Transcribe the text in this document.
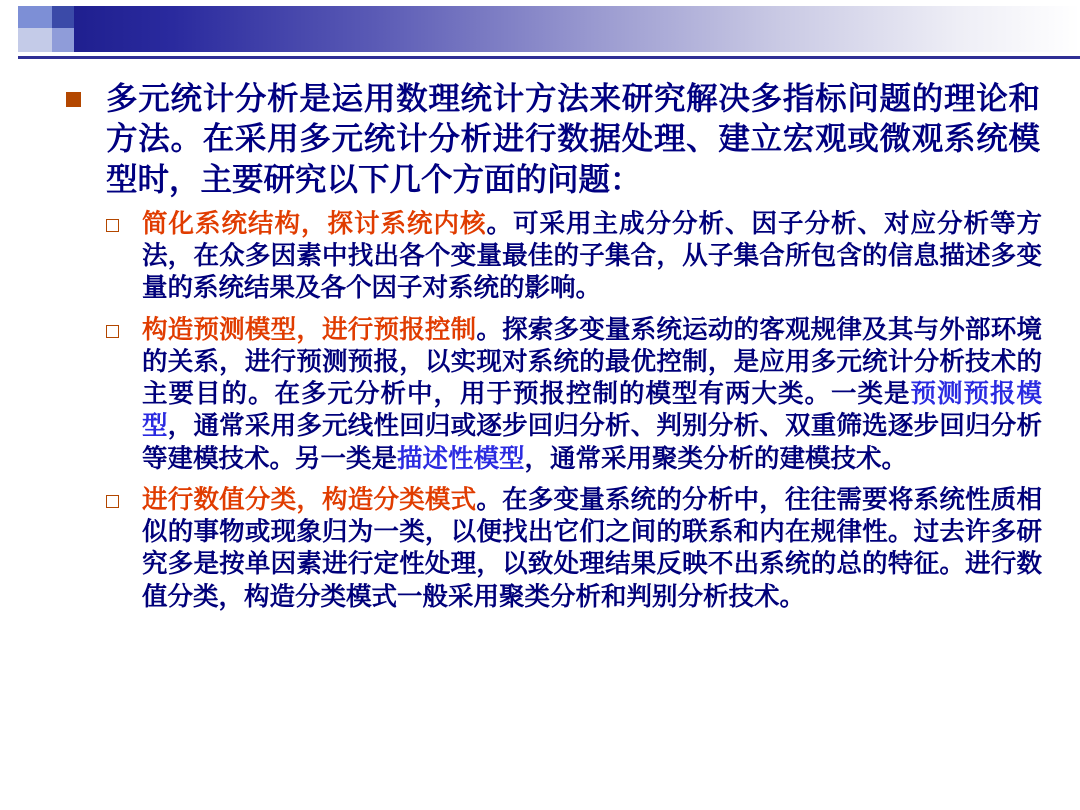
多元统计分析是运用数理统计方法来研究解决多指标问题的理论和方法。在采用多元统计分析进行数据处理、建立宏观或微观系统模型时，主要研究以下几个方面的问题：
简化系统结构，探讨系统内核。可采用主成分分析、因子分析、对应分析等方法，在众多因素中找出各个变量最佳的子集合，从子集合所包含的信息描述多变量的系统结果及各个因子对系统的影响。
构造预测模型，进行预报控制。探索多变量系统运动的客观规律及其与外部环境的关系，进行预测预报，以实现对系统的最优控制，是应用多元统计分析技术的主要目的。在多元分析中，用于预报控制的模型有两大类。一类是预测预报模型，通常采用多元线性回归或逐步回归分析、判别分析、双重筛选逐步回归分析等建模技术。另一类是描述性模型，通常采用聚类分析的建模技术。
进行数值分类，构造分类模式。在多变量系统的分析中，往往需要将系统性质相似的事物或现象归为一类，以便找出它们之间的联系和内在规律性。过去许多研究多是按单因素进行定性处理，以致处理结果反映不出系统的总的特征。进行数值分类，构造分类模式一般采用聚类分析和判别分析技术。
